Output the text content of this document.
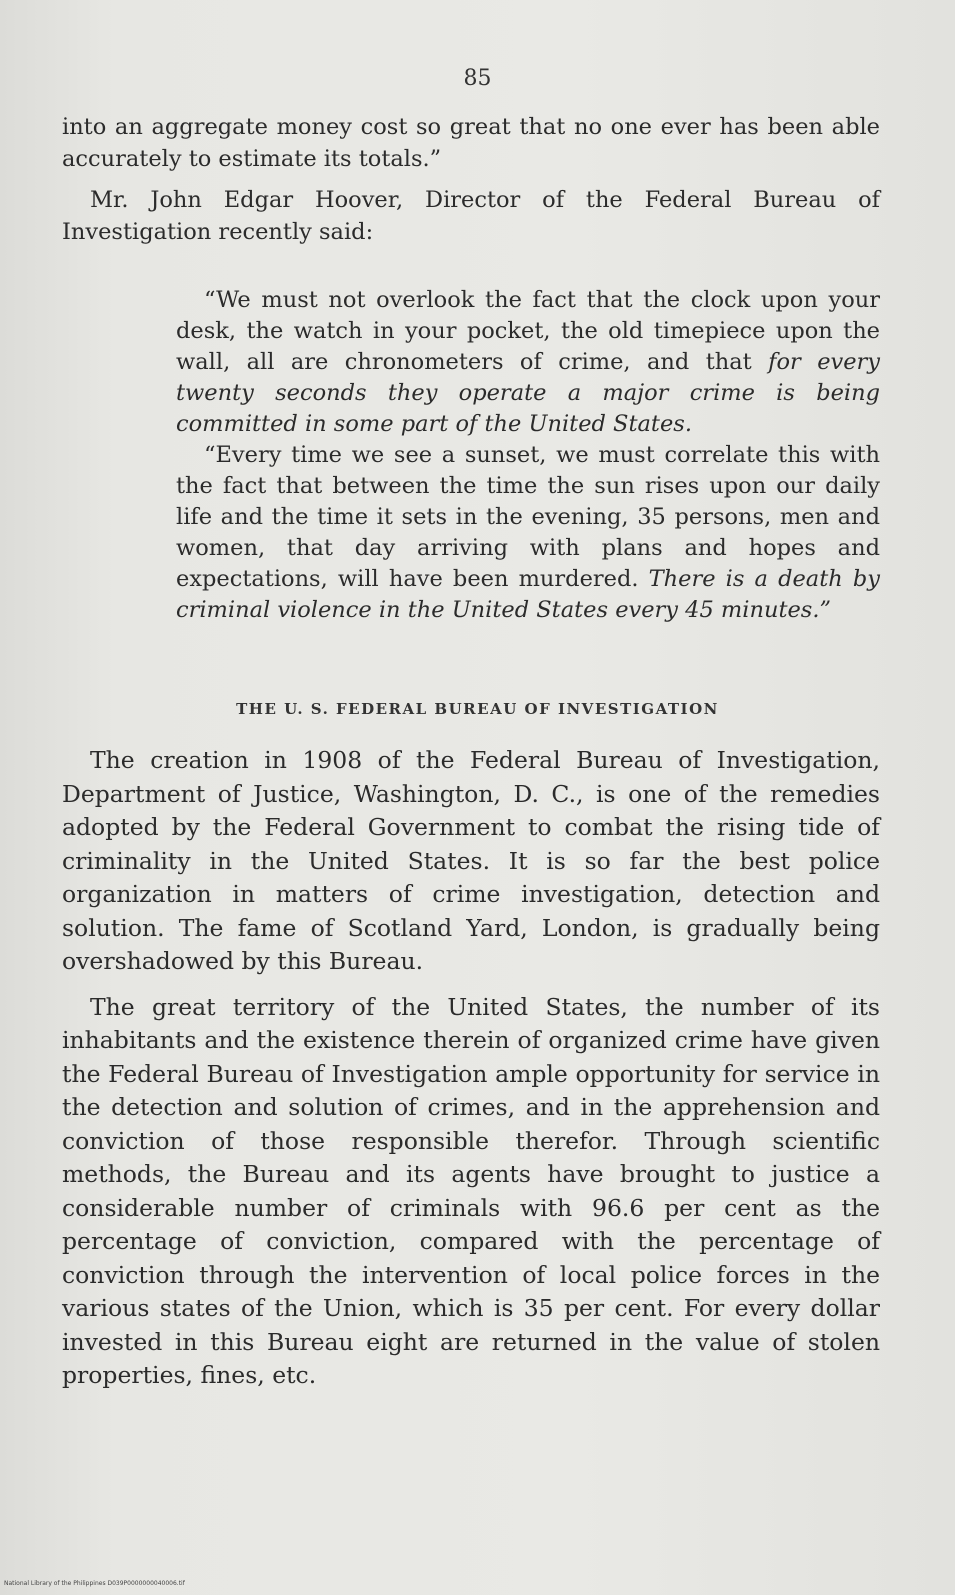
85

into an aggregate money cost so great that no one ever has been able accurately to estimate its totals.”

Mr. John Edgar Hoover, Director of the Federal Bureau of Investigation recently said:

“We must not overlook the fact that the clock upon your desk, the watch in your pocket, the old timepiece upon the wall, all are chronometers of crime, and that for every twenty seconds they operate a major crime is being committed in some part of the United States.

“Every time we see a sunset, we must correlate this with the fact that between the time the sun rises upon our daily life and the time it sets in the evening, 35 persons, men and women, that day arriving with plans and hopes and expectations, will have been murdered. There is a death by criminal violence in the United States every 45 minutes.”

THE U. S. FEDERAL BUREAU OF INVESTIGATION

The creation in 1908 of the Federal Bureau of Investigation, Department of Justice, Washington, D. C., is one of the remedies adopted by the Federal Government to combat the rising tide of criminality in the United States. It is so far the best police organization in matters of crime investigation, detection and solution. The fame of Scotland Yard, London, is gradually being overshadowed by this Bureau.

The great territory of the United States, the number of its inhabitants and the existence therein of organized crime have given the Federal Bureau of Investigation ample opportunity for service in the detection and solution of crimes, and in the apprehension and conviction of those responsible therefor. Through scientific methods, the Bureau and its agents have brought to justice a considerable number of criminals with 96.6 per cent as the percentage of conviction, compared with the percentage of conviction through the intervention of local police forces in the various states of the Union, which is 35 per cent. For every dollar invested in this Bureau eight are returned in the value of stolen properties, fines, etc.

National Library of the Philippines D039P0000000040006.tif
